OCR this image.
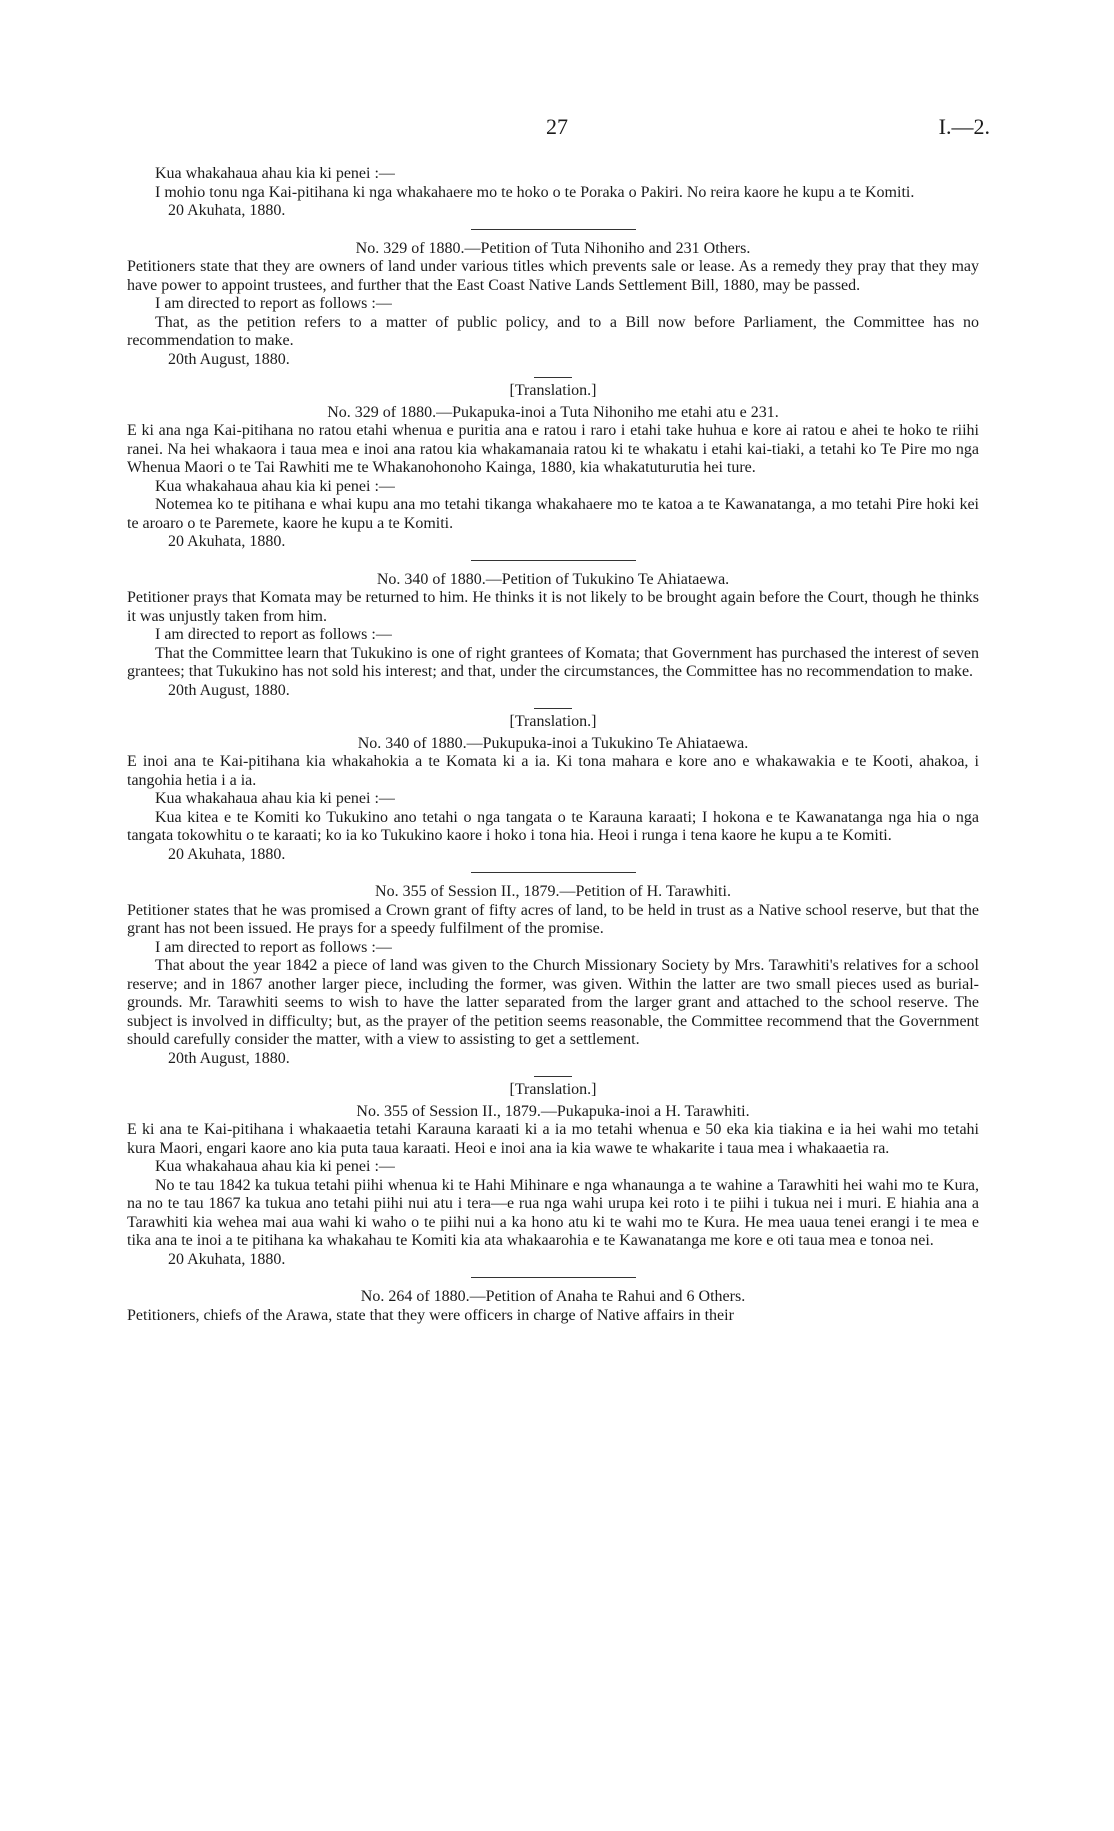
27	I.—2.

Kua whakahaua ahau kia ki penei :—

I mohio tonu nga Kai-pitihana ki nga whakahaere mo te hoko o te Poraka o Pakiri. No reira kaore he kupu a te Komiti.

20 Akuhata, 1880.

No. 329 of 1880.—Petition of Tuta Nihoniho and 231 Others.

Petitioners state that they are owners of land under various titles which prevents sale or lease. As a remedy they pray that they may have power to appoint trustees, and further that the East Coast Native Lands Settlement Bill, 1880, may be passed.

I am directed to report as follows :—

That, as the petition refers to a matter of public policy, and to a Bill now before Parliament, the Committee has no recommendation to make.

20th August, 1880.

[Translation.]

No. 329 of 1880.—Pukapuka-inoi a Tuta Nihoniho me etahi atu e 231.

E ki ana nga Kai-pitihana no ratou etahi whenua e puritia ana e ratou i raro i etahi take huhua e kore ai ratou e ahei te hoko te riihi ranei. Na hei whakaora i taua mea e inoi ana ratou kia whakamanaia ratou ki te whakatu i etahi kai-tiaki, a tetahi ko Te Pire mo nga Whenua Maori o te Tai Rawhiti me te Whakanohonoho Kainga, 1880, kia whakatuturutia hei ture.

Kua whakahaua ahau kia ki penei :—

Notemea ko te pitihana e whai kupu ana mo tetahi tikanga whakahaere mo te katoa a te Kawanatanga, a mo tetahi Pire hoki kei te aroaro o te Paremete, kaore he kupu a te Komiti.

20 Akuhata, 1880.

No. 340 of 1880.—Petition of Tukukino Te Ahiataewa.

Petitioner prays that Komata may be returned to him. He thinks it is not likely to be brought again before the Court, though he thinks it was unjustly taken from him.

I am directed to report as follows :—

That the Committee learn that Tukukino is one of right grantees of Komata; that Government has purchased the interest of seven grantees; that Tukukino has not sold his interest; and that, under the circumstances, the Committee has no recommendation to make.

20th August, 1880.

[Translation.]

No. 340 of 1880.—Pukupuka-inoi a Tukukino Te Ahiataewa.

E inoi ana te Kai-pitihana kia whakahokia a te Komata ki a ia. Ki tona mahara e kore ano e whakawakia e te Kooti, ahakoa, i tangohia hetia i a ia.

Kua whakahaua ahau kia ki penei :—

Kua kitea e te Komiti ko Tukukino ano tetahi o nga tangata o te Karauna karaati; I hokona e te Kawanatanga nga hia o nga tangata tokowhitu o te karaati; ko ia ko Tukukino kaore i hoko i tona hia. Heoi i runga i tena kaore he kupu a te Komiti.

20 Akuhata, 1880.

No. 355 of Session II., 1879.—Petition of H. Tarawhiti.

Petitioner states that he was promised a Crown grant of fifty acres of land, to be held in trust as a Native school reserve, but that the grant has not been issued. He prays for a speedy fulfilment of the promise.

I am directed to report as follows :—

That about the year 1842 a piece of land was given to the Church Missionary Society by Mrs. Tarawhiti's relatives for a school reserve; and in 1867 another larger piece, including the former, was given. Within the latter are two small pieces used as burial-grounds. Mr. Tarawhiti seems to wish to have the latter separated from the larger grant and attached to the school reserve. The subject is involved in difficulty; but, as the prayer of the petition seems reasonable, the Committee recommend that the Government should carefully consider the matter, with a view to assisting to get a settlement.

20th August, 1880.

[Translation.]

No. 355 of Session II., 1879.—Pukapuka-inoi a H. Tarawhiti.

E ki ana te Kai-pitihana i whakaaetia tetahi Karauna karaati ki a ia mo tetahi whenua e 50 eka kia tiakina e ia hei wahi mo tetahi kura Maori, engari kaore ano kia puta taua karaati. Heoi e inoi ana ia kia wawe te whakarite i taua mea i whakaaetia ra.

Kua whakahaua ahau kia ki penei :—

No te tau 1842 ka tukua tetahi piihi whenua ki te Hahi Mihinare e nga whanaunga a te wahine a Tarawhiti hei wahi mo te Kura, na no te tau 1867 ka tukua ano tetahi piihi nui atu i tera—e rua nga wahi urupa kei roto i te piihi i tukua nei i muri. E hiahia ana a Tarawhiti kia wehea mai aua wahi ki waho o te piihi nui a ka hono atu ki te wahi mo te Kura. He mea uaua tenei erangi i te mea e tika ana te inoi a te pitihana ka whakahau te Komiti kia ata whakaarohia e te Kawanatanga me kore e oti taua mea e tonoa nei.

20 Akuhata, 1880.

No. 264 of 1880.—Petition of Anaha te Rahui and 6 Others.

Petitioners, chiefs of the Arawa, state that they were officers in charge of Native affairs in their
